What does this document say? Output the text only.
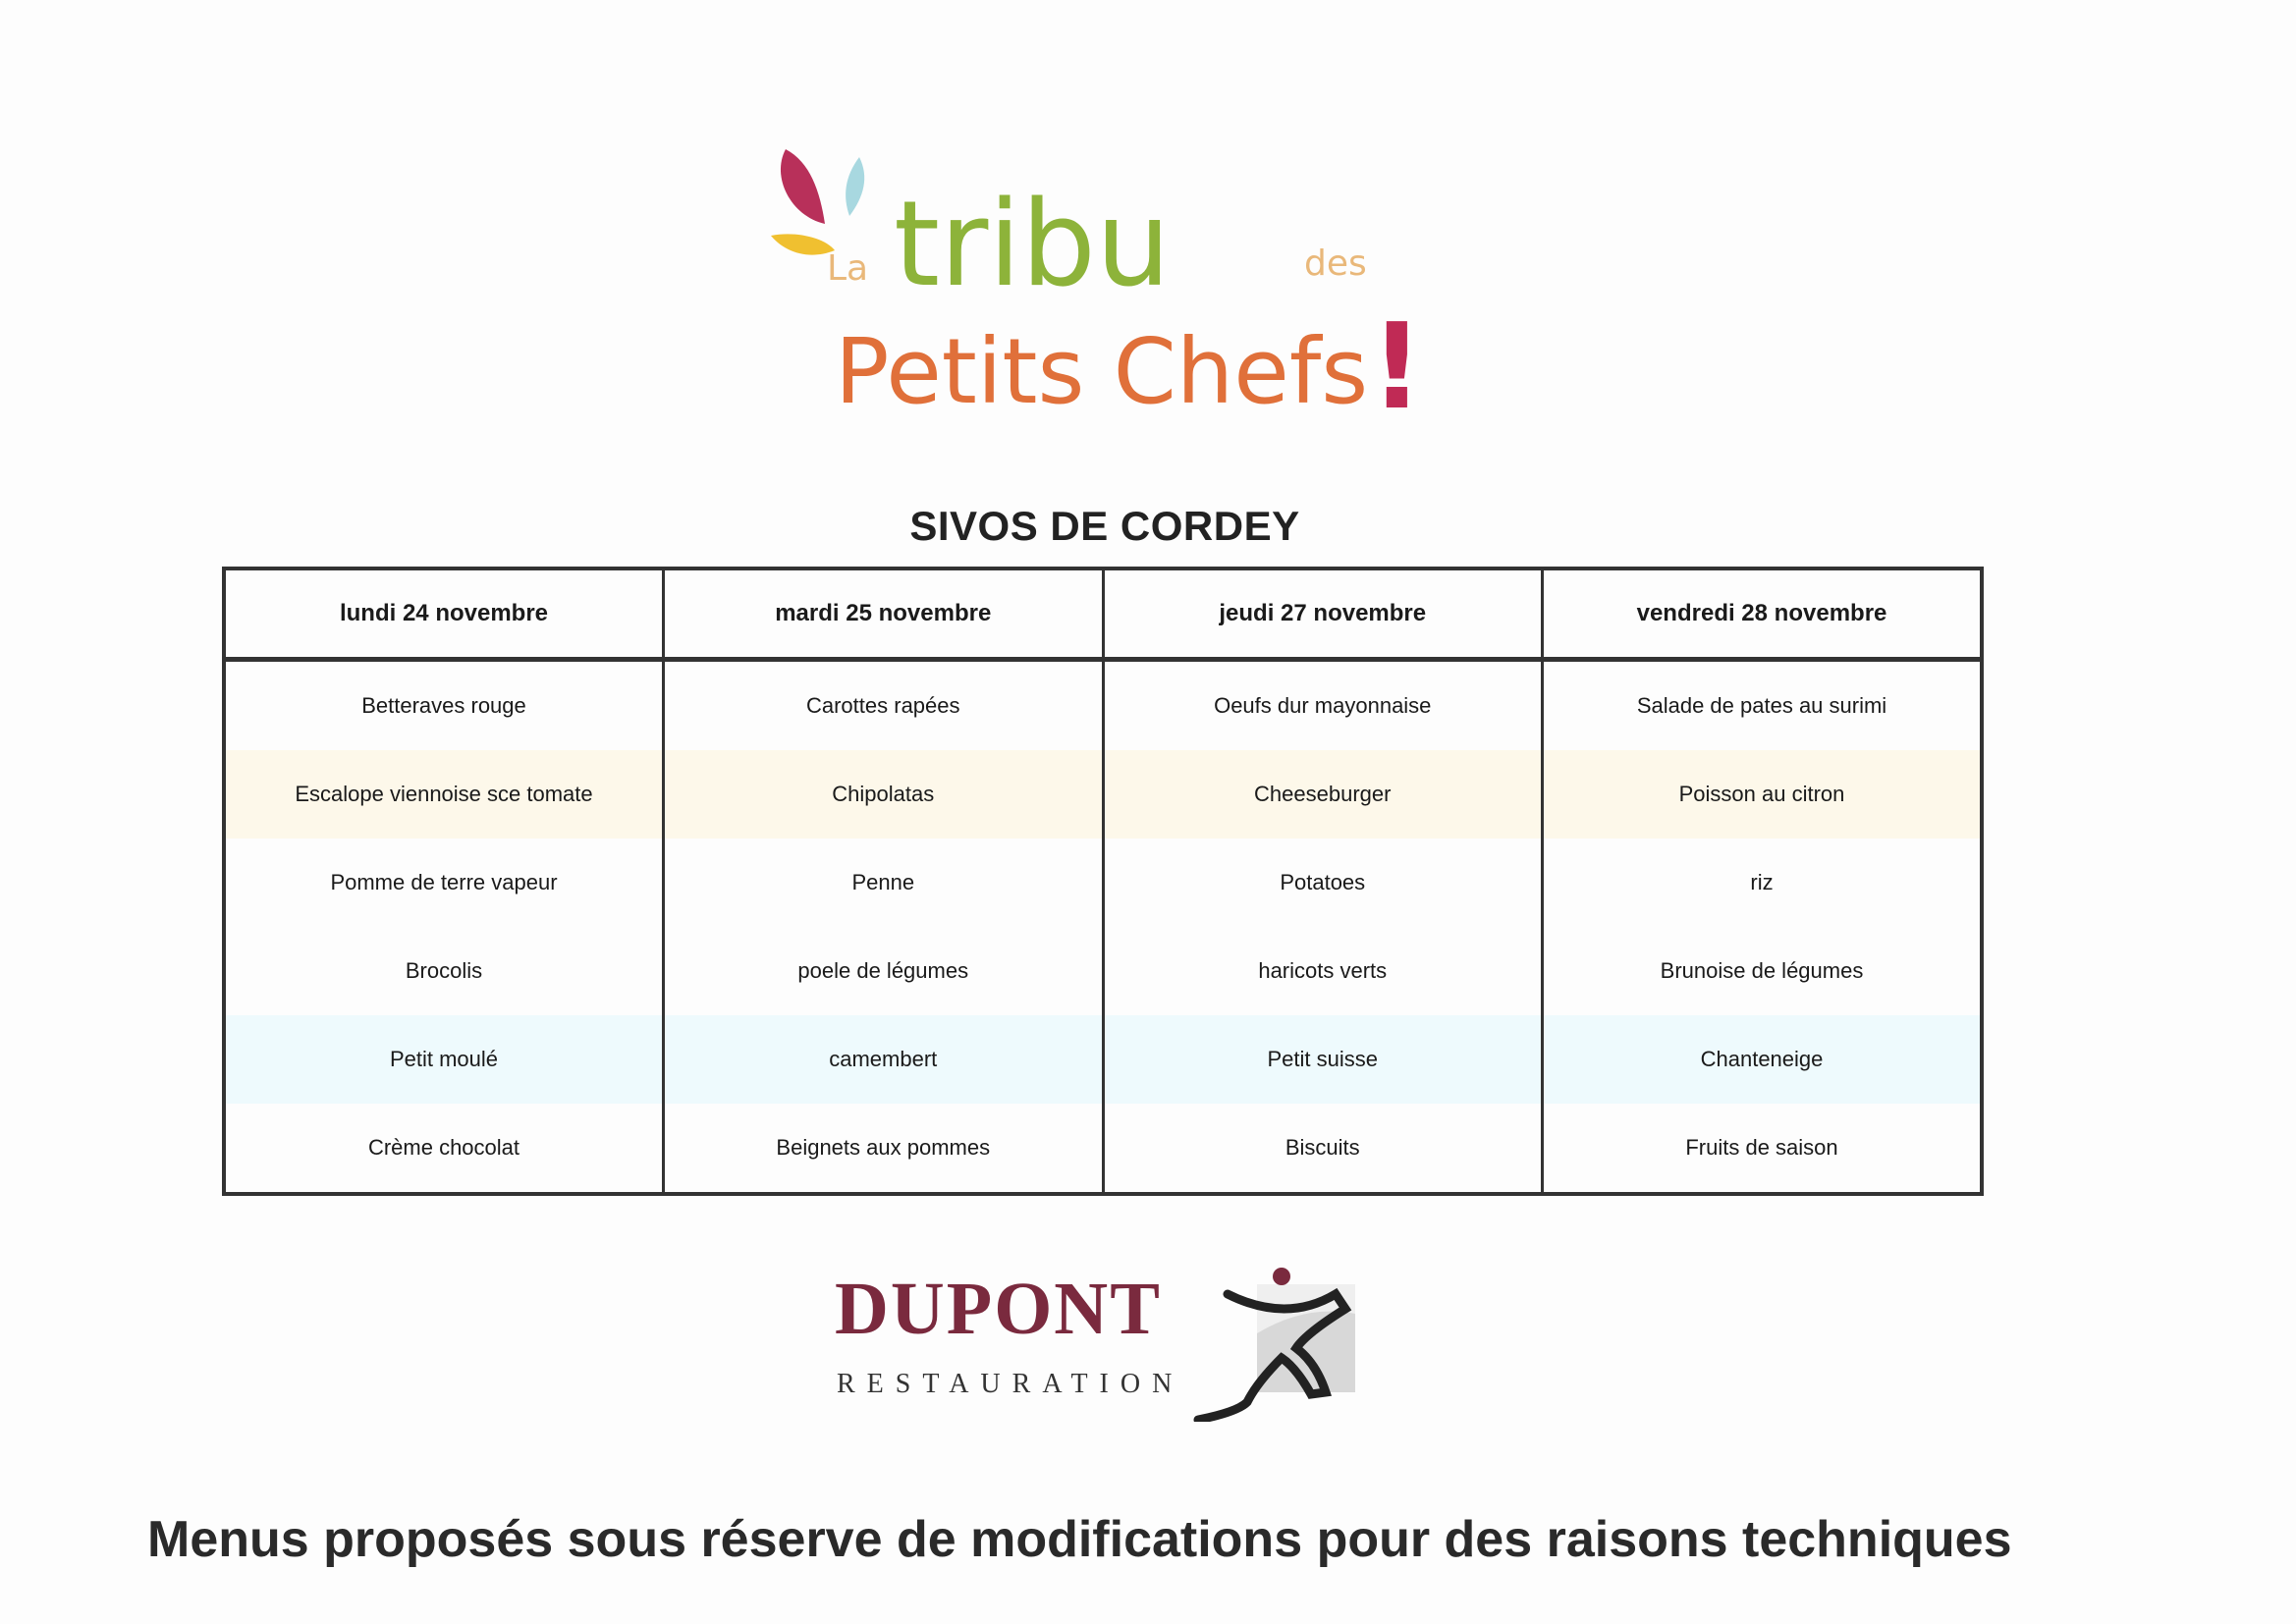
La tribu	des
Petits Chefs !
SIVOS DE CORDEY
lundi 24 novembre	mardi 25 novembre	jeudi 27 novembre	vendredi 28 novembre
Betteraves rouge	Carottes rapées	Oeufs dur mayonnaise	Salade de pates au surimi
Escalope viennoise sce tomate	Chipolatas	Cheeseburger	Poisson au citron
Pomme de terre vapeur	Penne	Potatoes	riz
Brocolis	poele de légumes	haricots verts	Brunoise de légumes
Petit moulé	camembert	Petit suisse	Chanteneige
Crème chocolat	Beignets aux pommes	Biscuits	Fruits de saison
DUPONT
RESTAURATION
Menus proposés sous réserve de modifications pour des raisons techniques
